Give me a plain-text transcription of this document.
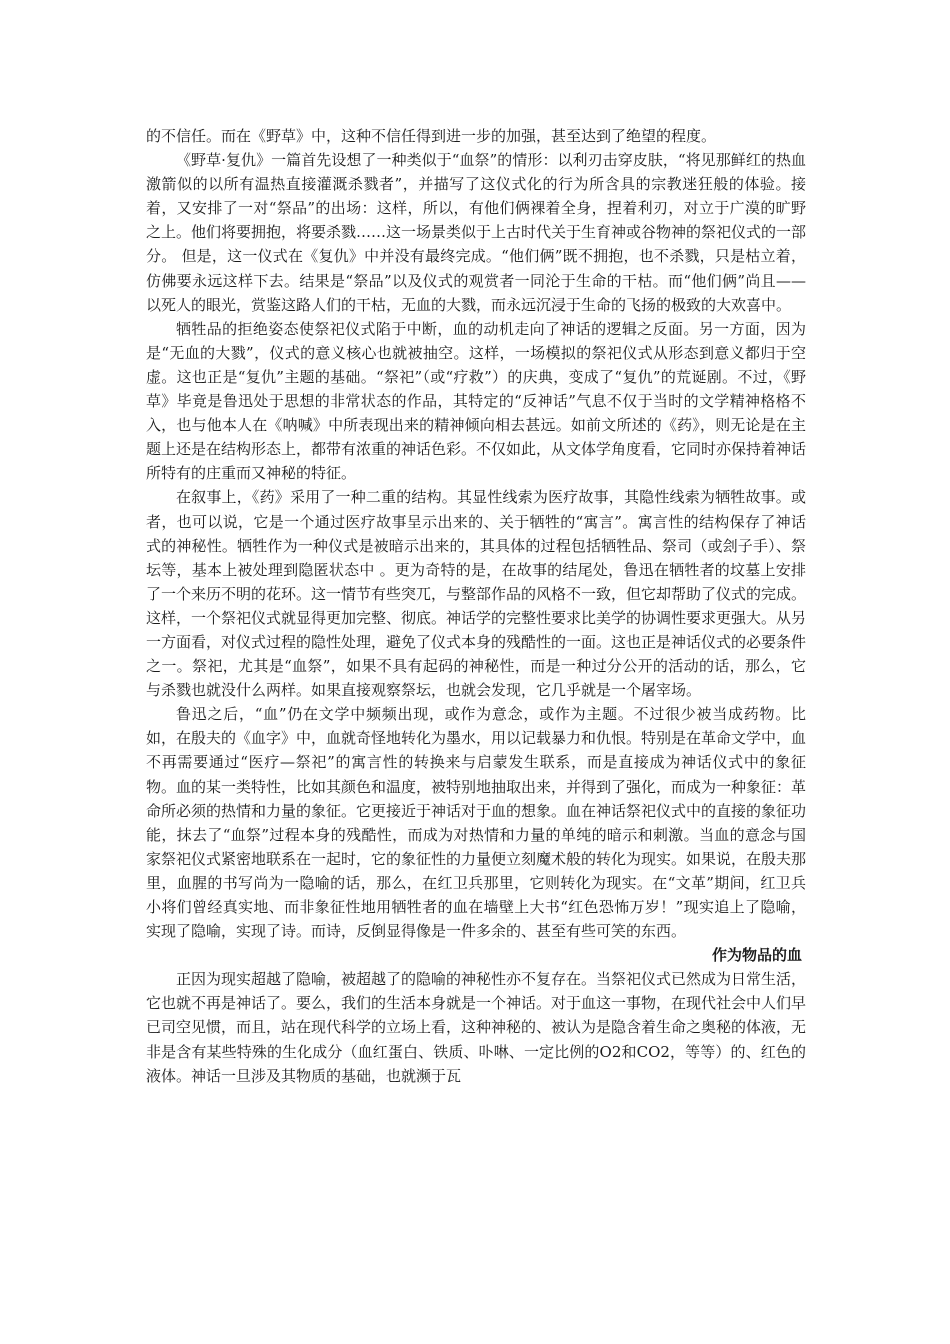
的不信任。而在《野草》中，这种不信任得到进一步的加强，甚至达到了绝望的程度。

《野草·复仇》一篇首先设想了一种类似于“血祭”的情形：以利刃击穿皮肤，“将见那鲜红的热血激箭似的以所有温热直接灌溉杀戮者”，并描写了这仪式化的行为所含具的宗教迷狂般的体验。接着，又安排了一对“祭品”的出场：这样，所以，有他们俩裸着全身，捏着利刃，对立于广漠的旷野之上。他们将要拥抱，将要杀戮……这一场景类似于上古时代关于生育神或谷物神的祭祀仪式的一部分。 但是，这一仪式在《复仇》中并没有最终完成。“他们俩”既不拥抱，也不杀戮，只是枯立着，仿佛要永远这样下去。结果是“祭品”以及仪式的观赏者一同沦于生命的干枯。而“他们俩”尚且——以死人的眼光，赏鉴这路人们的干枯，无血的大戮，而永远沉浸于生命的飞扬的极致的大欢喜中。

牺牲品的拒绝姿态使祭祀仪式陷于中断，血的动机走向了神话的逻辑之反面。另一方面，因为是“无血的大戮”，仪式的意义核心也就被抽空。这样，一场模拟的祭祀仪式从形态到意义都归于空虚。这也正是“复仇”主题的基础。“祭祀”（或“疗救”）的庆典，变成了“复仇”的荒诞剧。不过，《野草》毕竟是鲁迅处于思想的非常状态的作品，其特定的“反神话”气息不仅于当时的文学精神格格不入，也与他本人在《呐喊》中所表现出来的精神倾向相去甚远。如前文所述的《药》，则无论是在主题上还是在结构形态上，都带有浓重的神话色彩。不仅如此，从文体学角度看，它同时亦保持着神话所特有的庄重而又神秘的特征。

在叙事上，《药》采用了一种二重的结构。其显性线索为医疗故事，其隐性线索为牺牲故事。或者，也可以说，它是一个通过医疗故事呈示出来的、关于牺牲的“寓言”。寓言性的结构保存了神话式的神秘性。牺牲作为一种仪式是被暗示出来的，其具体的过程包括牺牲品、祭司（或刽子手）、祭坛等，基本上被处理到隐匿状态中 。更为奇特的是，在故事的结尾处，鲁迅在牺牲者的坟墓上安排了一个来历不明的花环。这一情节有些突兀，与整部作品的风格不一致，但它却帮助了仪式的完成。这样，一个祭祀仪式就显得更加完整、彻底。神话学的完整性要求比美学的协调性要求更强大。从另一方面看，对仪式过程的隐性处理，避免了仪式本身的残酷性的一面。这也正是神话仪式的必要条件之一。祭祀，尤其是“血祭”，如果不具有起码的神秘性，而是一种过分公开的活动的话，那么，它与杀戮也就没什么两样。如果直接观察祭坛，也就会发现，它几乎就是一个屠宰场。

鲁迅之后，“血”仍在文学中频频出现，或作为意念，或作为主题。不过很少被当成药物。比如，在殷夫的《血字》中，血就奇怪地转化为墨水，用以记载暴力和仇恨。特别是在革命文学中，血不再需要通过“医疗—祭祀”的寓言性的转换来与启蒙发生联系，而是直接成为神话仪式中的象征物。血的某一类特性，比如其颜色和温度，被特别地抽取出来，并得到了强化，而成为一种象征：革命所必须的热情和力量的象征。它更接近于神话对于血的想象。血在神话祭祀仪式中的直接的象征功能，抹去了“血祭”过程本身的残酷性，而成为对热情和力量的单纯的暗示和刺激。当血的意念与国家祭祀仪式紧密地联系在一起时，它的象征性的力量便立刻魔术般的转化为现实。如果说，在殷夫那里，血腥的书写尚为一隐喻的话，那么，在红卫兵那里，它则转化为现实。在“文革”期间，红卫兵小将们曾经真实地、而非象征性地用牺牲者的血在墙壁上大书“红色恐怖万岁！”现实追上了隐喻，实现了隐喻，实现了诗。而诗，反倒显得像是一件多余的、甚至有些可笑的东西。

作为物品的血

正因为现实超越了隐喻，被超越了的隐喻的神秘性亦不复存在。当祭祀仪式已然成为日常生活，它也就不再是神话了。要么，我们的生活本身就是一个神话。对于血这一事物，在现代社会中人们早已司空见惯，而且，站在现代科学的立场上看，这种神秘的、被认为是隐含着生命之奥秘的体液，无非是含有某些特殊的生化成分（血红蛋白、铁质、卟啉、一定比例的O2和CO2，等等）的、红色的液体。神话一旦涉及其物质的基础，也就濒于瓦
